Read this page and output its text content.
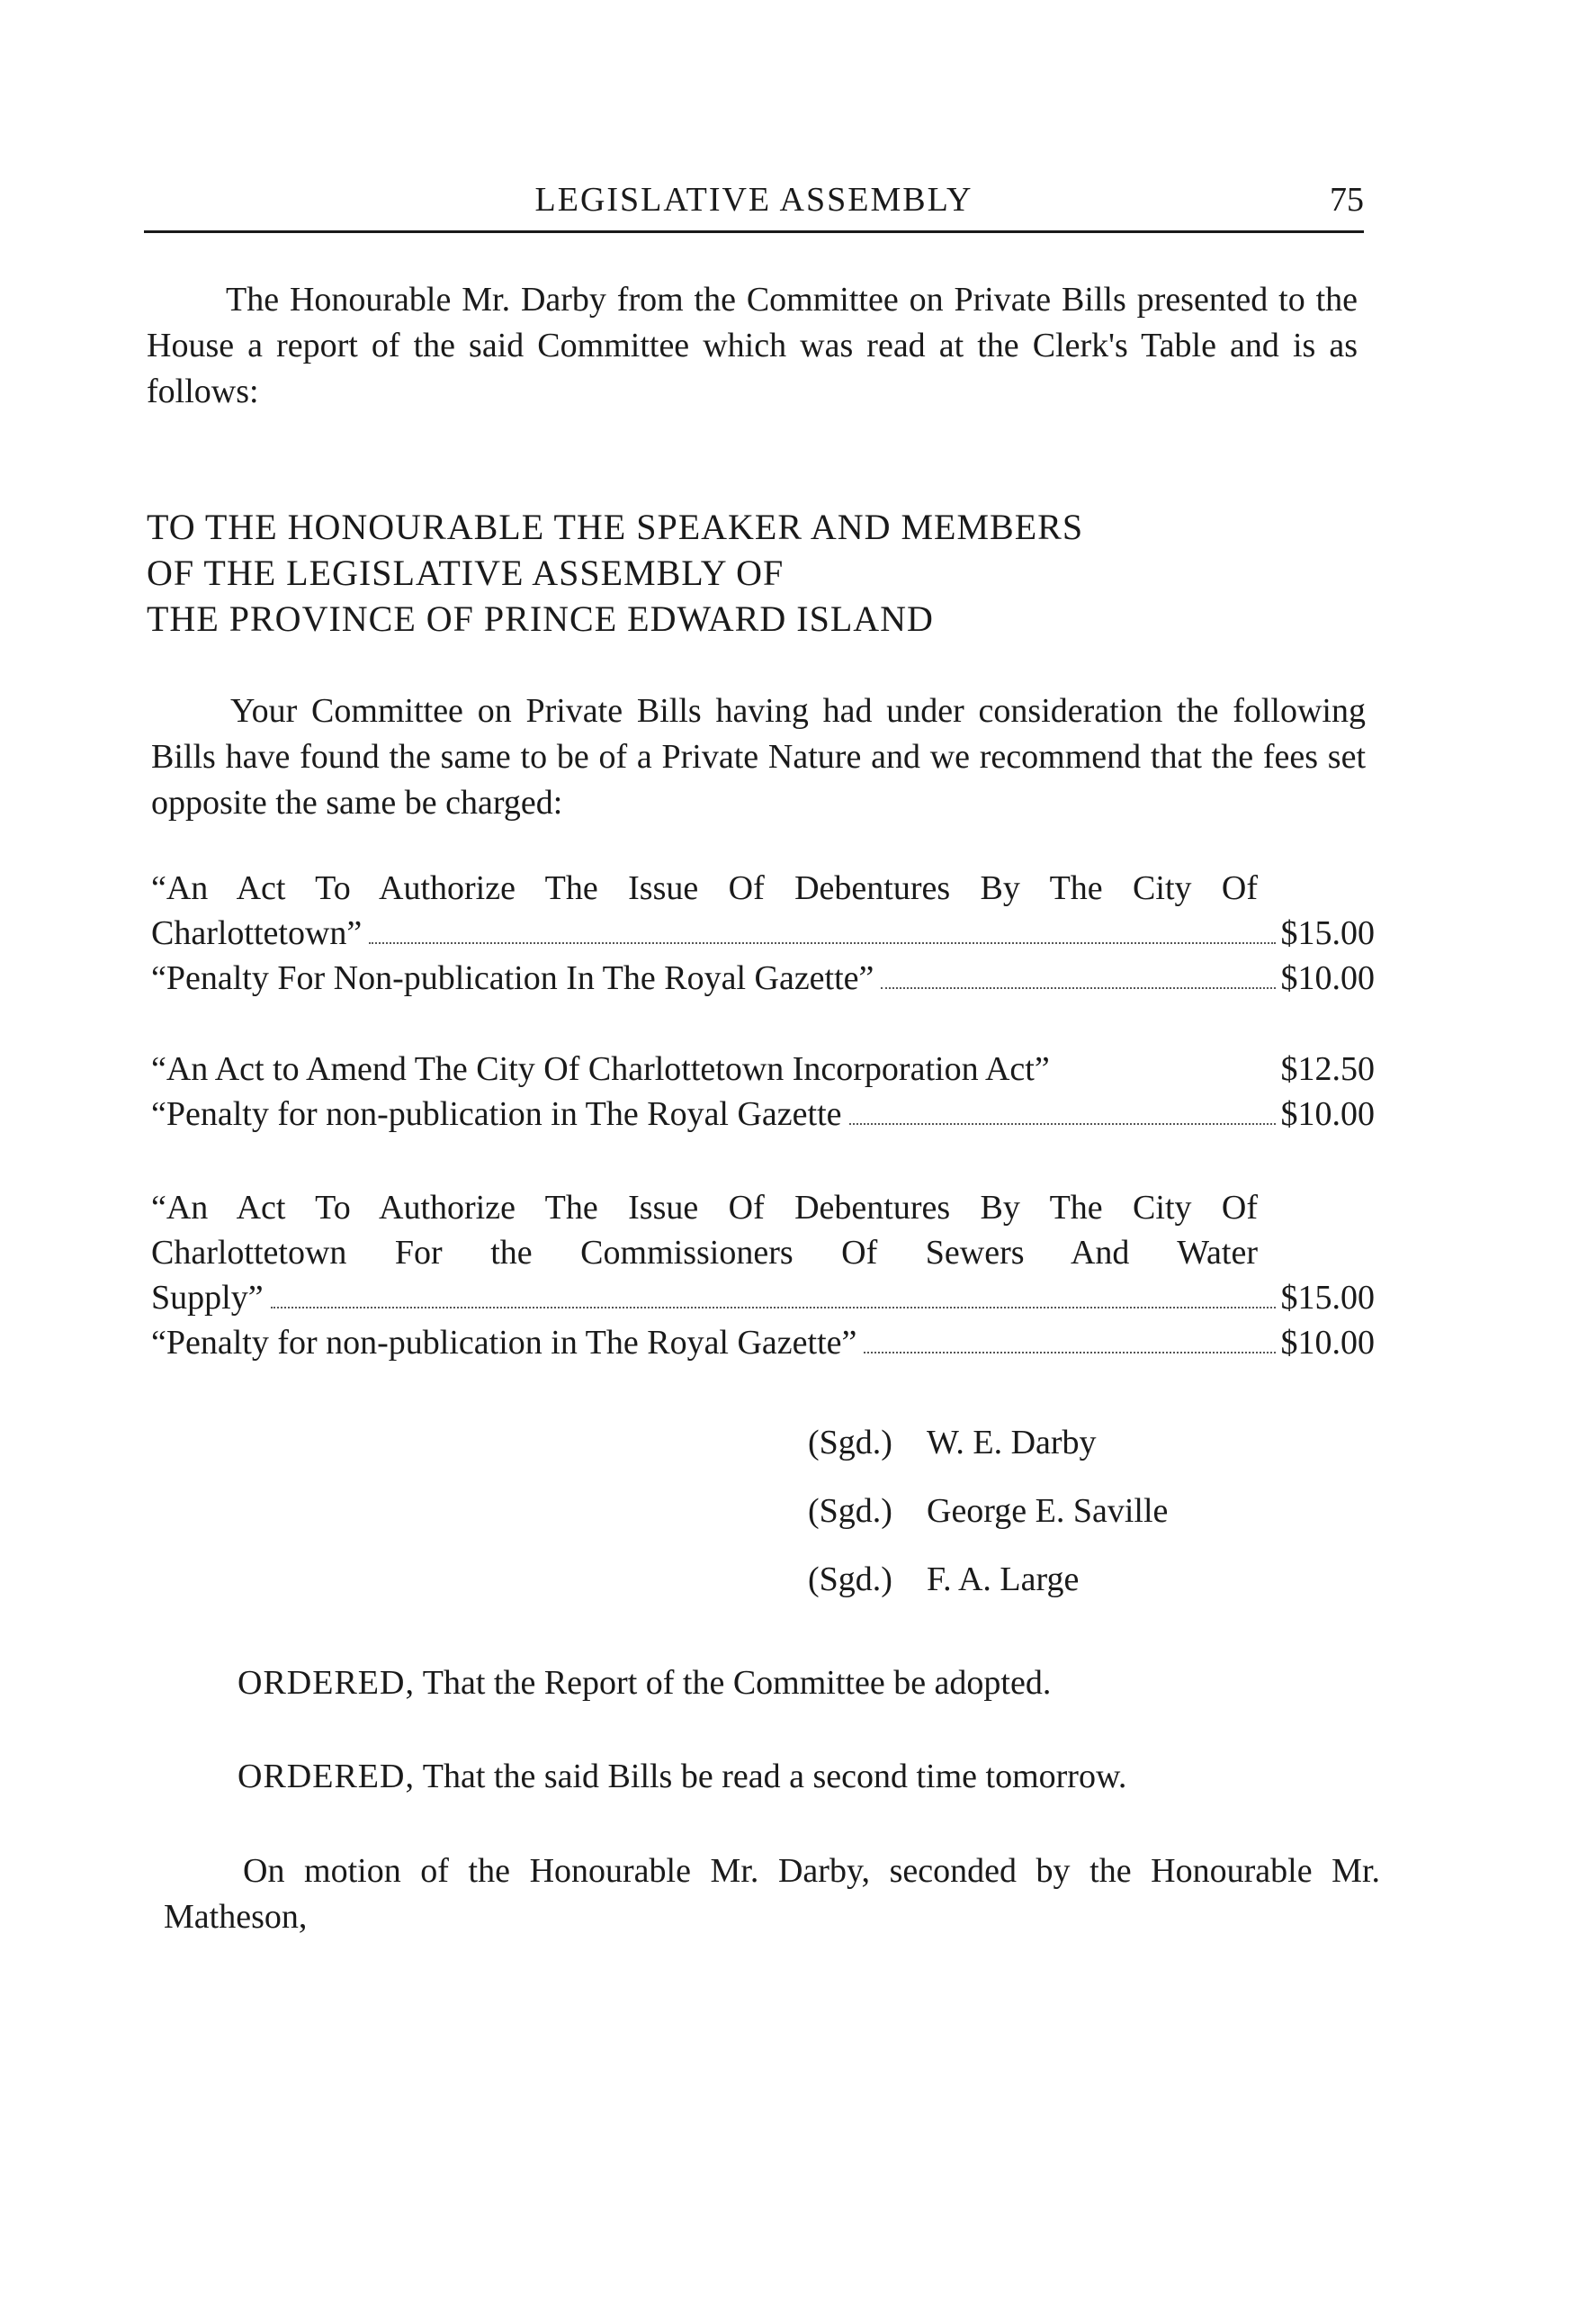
LEGISLATIVE ASSEMBLY	75

The Honourable Mr. Darby from the Committee on Private Bills presented to the House a report of the said Committee which was read at the Clerk's Table and is as follows:

TO THE HONOURABLE THE SPEAKER AND MEMBERS
OF THE LEGISLATIVE ASSEMBLY OF
THE PROVINCE OF PRINCE EDWARD ISLAND

Your Committee on Private Bills having had under consideration the following Bills have found the same to be of a Private Nature and we recommend that the fees set opposite the same be charged:

“An Act To Authorize The Issue Of Debentures By The City Of
Charlottetown”	$15.00
“Penalty For Non-publication In The Royal Gazette”	$10.00
“An Act to Amend The City Of Charlottetown Incorporation Act”	$12.50
“Penalty for non-publication in The Royal Gazette	$10.00
“An Act To Authorize The Issue Of Debentures By The City Of
Charlottetown For the Commissioners Of Sewers And Water
Supply”	$15.00
“Penalty for non-publication in The Royal Gazette”	$10.00
(Sgd.) W. E. Darby
(Sgd.) George E. Saville
(Sgd.) F. A. Large
ORDERED, That the Report of the Committee be adopted.
ORDERED, That the said Bills be read a second time tomorrow.

On motion of the Honourable Mr. Darby, seconded by the Honourable Mr. Matheson,
